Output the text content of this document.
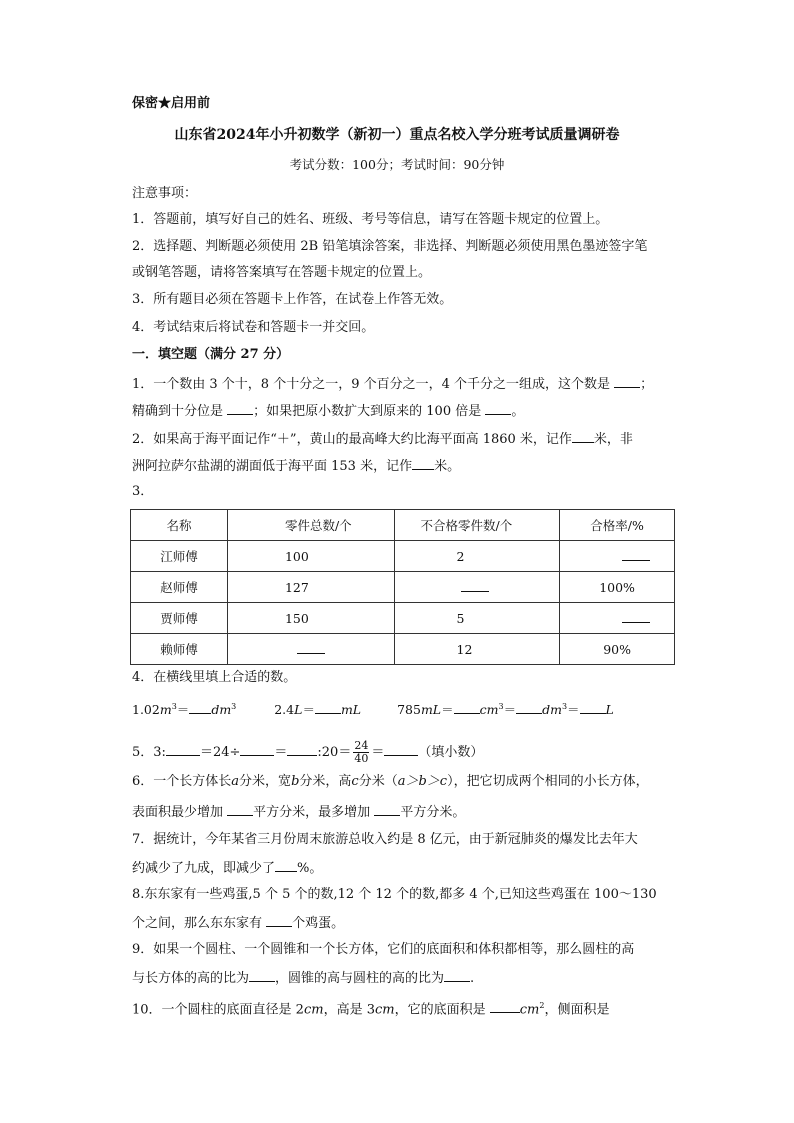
保密★启用前
山东省2024年小升初数学（新初一）重点名校入学分班考试质量调研卷
考试分数：100分；考试时间：90分钟
注意事项：
1．答题前，填写好自己的姓名、班级、考号等信息，请写在答题卡规定的位置上。
2．选择题、判断题必须使用 2B 铅笔填涂答案，非选择、判断题必须使用黑色墨迹签字笔
或钢笔答题，请将答案填写在答题卡规定的位置上。
3．所有题目必须在答题卡上作答，在试卷上作答无效。
4．考试结束后将试卷和答题卡一并交回。
一．填空题（满分 27 分）
1．一个数由 3 个十，8 个十分之一，9 个百分之一，4 个千分之一组成，这个数是 ；
精确到十分位是 ；如果把原小数扩大到原来的 100 倍是 。
2．如果高于海平面记作“＋”，黄山的最高峰大约比海平面高 1860 米，记作 米，非
洲阿拉萨尔盐湖的湖面低于海平面 153 米，记作 米。
3．
名称	零件总数/个	不合格零件数/个	合格率/%
江师傅	100	2	
赵师傅	127		100%
贾师傅	150	5	
赖师傅		12	90%
4．在横线里填上合适的数。
$1.02m^3= dm^3$	2.4L＝ mL	$785mL= cm^3= dm^3= L$
5．3:	＝24÷	＝ :20＝ $\frac{24}{40}$ ＝	（填小数）
6．一个长方体长a分米，宽b分米，高c分米（a＞b＞c），把它切成两个相同的小长方体，
表面积最少增加 平方分米，最多增加 平方分米。
7．据统计，今年某省三月份周末旅游总收入约是 8 亿元，由于新冠肺炎的爆发比去年大
约减少了九成，即减少了 %。
8.东东家有一些鸡蛋,5 个 5 个的数,12 个 12 个的数,都多 4 个,已知这些鸡蛋在 100～130
个之间，那么东东家有 个鸡蛋。
9．如果一个圆柱、一个圆锥和一个长方体，它们的底面积和体积都相等，那么圆柱的高
与长方体的高的比为 ，圆锥的高与圆柱的高的比为 .
10．一个圆柱的底面直径是 2cm，高是 3cm，它的底面积是	$cm^2$，侧面积是
